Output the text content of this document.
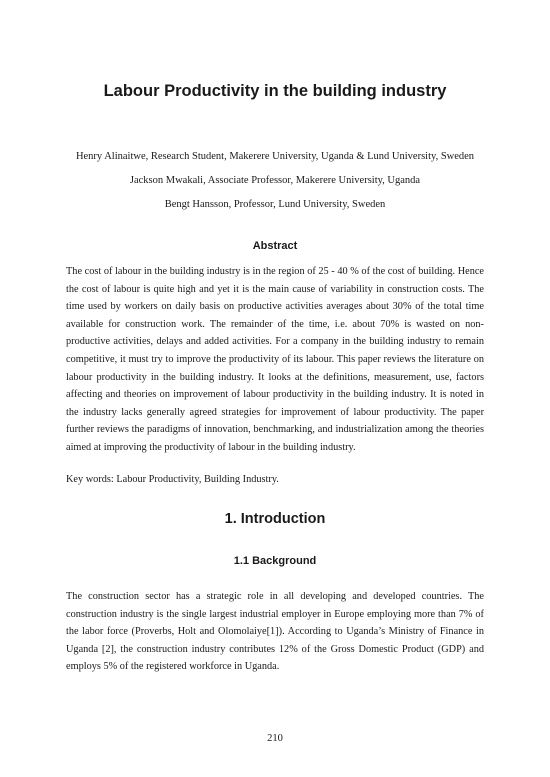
Labour Productivity in the building industry

Henry Alinaitwe, Research Student, Makerere University, Uganda & Lund University, Sweden

Jackson Mwakali, Associate Professor, Makerere University, Uganda

Bengt Hansson, Professor, Lund University, Sweden

Abstract

The cost of labour in the building industry is in the region of 25 - 40 % of the cost of building. Hence the cost of labour is quite high and yet it is the main cause of variability in construction costs. The time used by workers on daily basis on productive activities averages about 30% of the total time available for construction work. The remainder of the time, i.e. about 70% is wasted on non-productive activities, delays and added activities. For a company in the building industry to remain competitive, it must try to improve the productivity of its labour. This paper reviews the literature on labour productivity in the building industry. It looks at the definitions, measurement, use, factors affecting and theories on improvement of labour productivity in the building industry. It is noted in the industry lacks generally agreed strategies for improvement of labour productivity. The paper further reviews the paradigms of innovation, benchmarking, and industrialization among the theories aimed at improving the productivity of labour in the building industry.

Key words: Labour Productivity, Building Industry.

1. Introduction
1.1 Background

The construction sector has a strategic role in all developing and developed countries. The construction industry is the single largest industrial employer in Europe employing more than 7% of the labor force (Proverbs, Holt and Olomolaiye[1]). According to Uganda’s Ministry of Finance in Uganda [2], the construction industry contributes 12% of the Gross Domestic Product (GDP) and employs 5% of the registered workforce in Uganda.

210
